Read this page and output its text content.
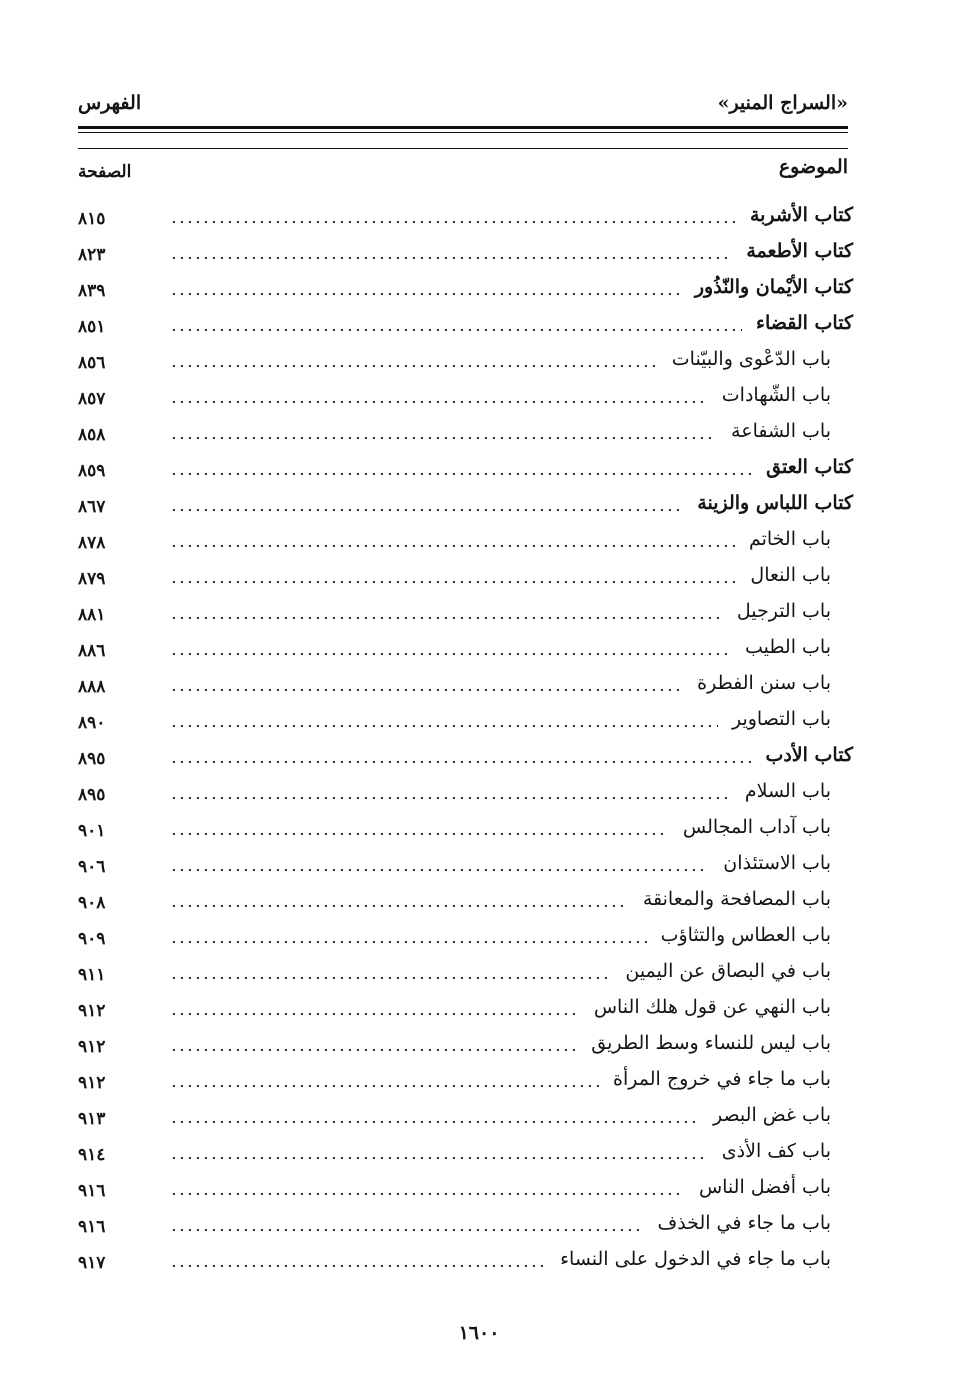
«السراج المنير»
الفهرس
الموضوع
الصفحة
كتاب الأشربة
٨١٥
كتاب الأطعمة
٨٢٣
كتاب الأيْمان والنّذُور
٨٣٩
كتاب القضاء
٨٥١
باب الدّعْوى والبيّنات
٨٥٦
باب الشّهادات
٨٥٧
باب الشفاعة
٨٥٨
كتاب العتق
٨٥٩
كتاب اللباس والزينة
٨٦٧
باب الخاتم
٨٧٨
باب النعال
٨٧٩
باب الترجيل
٨٨١
باب الطيب
٨٨٦
باب سنن الفطرة
٨٨٨
باب التصاوير
٨٩٠
كتاب الأدب
٨٩٥
باب السلام
٨٩٥
باب آداب المجالس
٩٠١
باب الاستئذان
٩٠٦
باب المصافحة والمعانقة
٩٠٨
باب العطاس والتثاؤب
٩٠٩
باب في البصاق عن اليمين
٩١١
باب النهي عن قول هلك الناس
٩١٢
باب ليس للنساء وسط الطريق
٩١٢
باب ما جاء في خروج المرأة
٩١٢
باب غض البصر
٩١٣
باب كف الأذى
٩١٤
باب أفضل الناس
٩١٦
باب ما جاء في الخذف
٩١٦
باب ما جاء في الدخول على النساء
٩١٧
١٦٠٠
